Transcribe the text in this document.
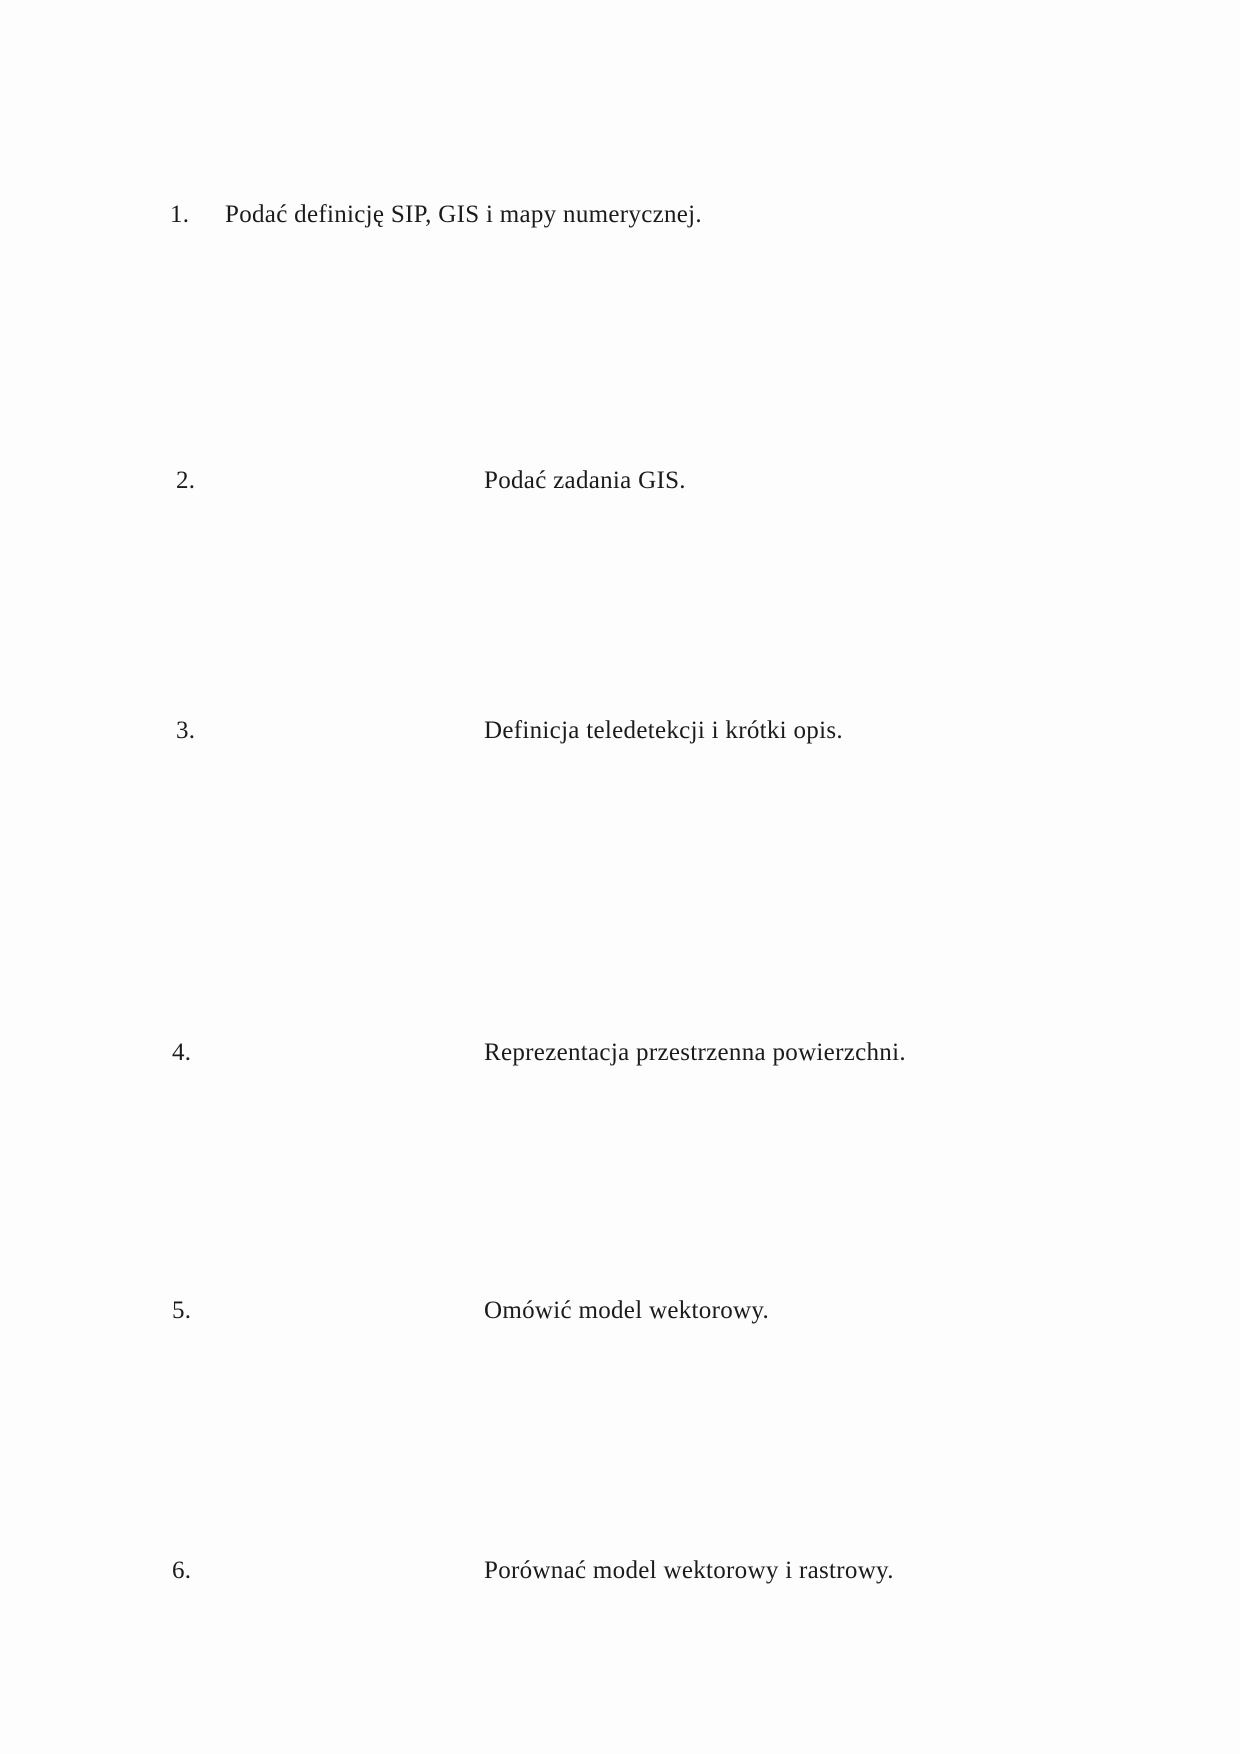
1. Podać definicję SIP, GIS i mapy numerycznej.
2.	Podać zadania GIS.
3.	Definicja teledetekcji i krótki opis.
4.	Reprezentacja przestrzenna powierzchni.
5.	Omówić model wektorowy.
6.	Porównać model wektorowy i rastrowy.
